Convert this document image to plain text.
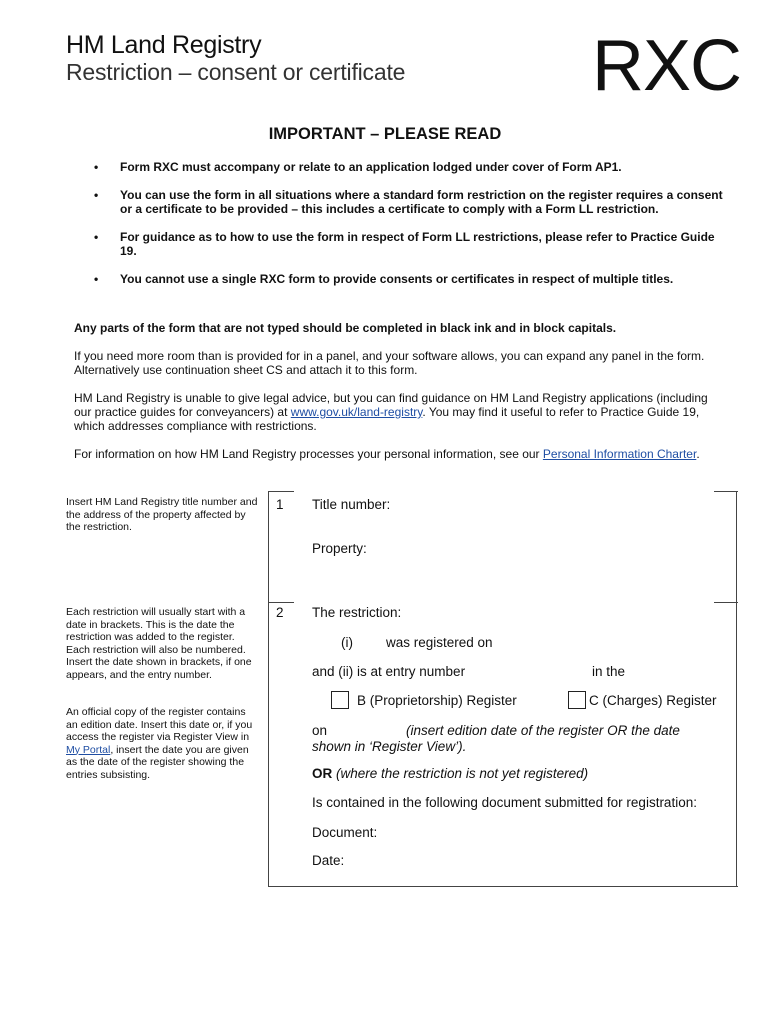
HM Land Registry
Restriction – consent or certificate	RXC
IMPORTANT – PLEASE READ
• Form RXC must accompany or relate to an application lodged under cover of Form AP1.
• You can use the form in all situations where a standard form restriction on the register requires a consent or a certificate to be provided – this includes a certificate to comply with a Form LL restriction.
• For guidance as to how to use the form in respect of Form LL restrictions, please refer to Practice Guide 19.
• You cannot use a single RXC form to provide consents or certificates in respect of multiple titles.
Any parts of the form that are not typed should be completed in black ink and in block capitals.
If you need more room than is provided for in a panel, and your software allows, you can expand any panel in the form. Alternatively use continuation sheet CS and attach it to this form.
HM Land Registry is unable to give legal advice, but you can find guidance on HM Land Registry applications (including our practice guides for conveyancers) at www.gov.uk/land-registry. You may find it useful to refer to Practice Guide 19, which addresses compliance with restrictions.
For information on how HM Land Registry processes your personal information, see our Personal Information Charter.
Insert HM Land Registry title number and the address of the property affected by the restriction.
Each restriction will usually start with a date in brackets. This is the date the restriction was added to the register. Each restriction will also be numbered. Insert the date shown in brackets, if one appears, and the entry number.
An official copy of the register contains an edition date. Insert this date or, if you access the register via Register View in My Portal, insert the date you are given as the date of the register showing the entries subsisting.
1 Title number:
Property:
2 The restriction:
(i) was registered on
and (ii) is at entry number	in the
B (Proprietorship) Register	C (Charges) Register
on	(insert edition date of the register OR the date shown in ‘Register View’).
OR (where the restriction is not yet registered)
Is contained in the following document submitted for registration:
Document:
Date:
